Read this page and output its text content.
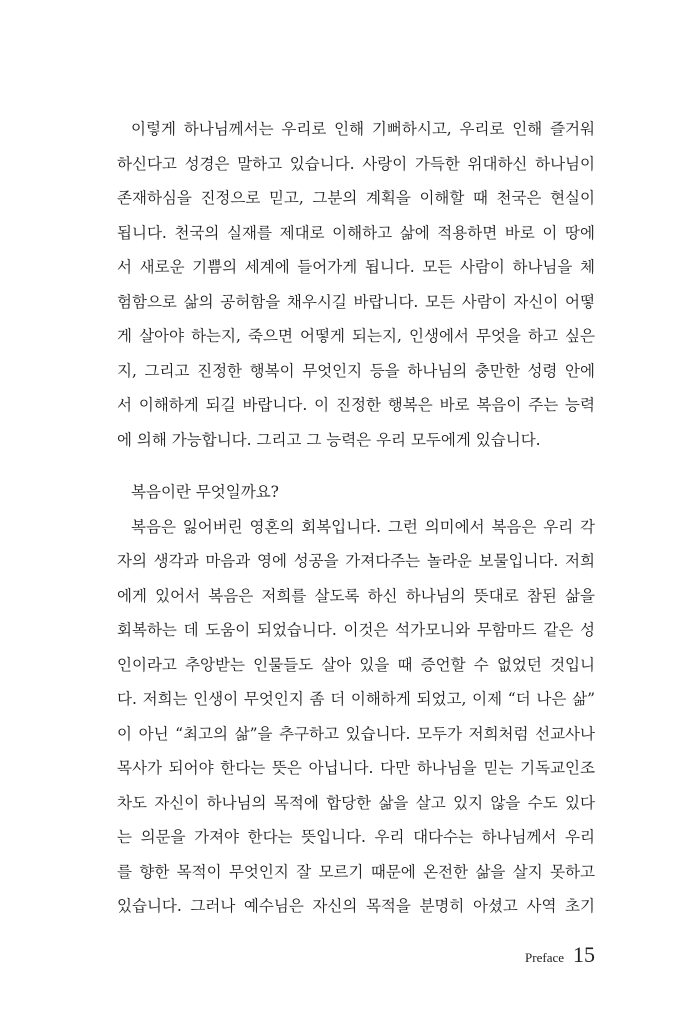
이렇게 하나님께서는 우리로 인해 기뻐하시고, 우리로 인해 즐거워
하신다고 성경은 말하고 있습니다. 사랑이 가득한 위대하신 하나님이
존재하심을 진정으로 믿고, 그분의 계획을 이해할 때 천국은 현실이
됩니다. 천국의 실재를 제대로 이해하고 삶에 적용하면 바로 이 땅에
서 새로운 기쁨의 세계에 들어가게 됩니다. 모든 사람이 하나님을 체
험함으로 삶의 공허함을 채우시길 바랍니다. 모든 사람이 자신이 어떻
게 살아야 하는지, 죽으면 어떻게 되는지, 인생에서 무엇을 하고 싶은
지, 그리고 진정한 행복이 무엇인지 등을 하나님의 충만한 성령 안에
서 이해하게 되길 바랍니다. 이 진정한 행복은 바로 복음이 주는 능력
에 의해 가능합니다. 그리고 그 능력은 우리 모두에게 있습니다.
복음이란 무엇일까요?
복음은 잃어버린 영혼의 회복입니다. 그런 의미에서 복음은 우리 각
자의 생각과 마음과 영에 성공을 가져다주는 놀라운 보물입니다. 저희
에게 있어서 복음은 저희를 살도록 하신 하나님의 뜻대로 참된 삶을
회복하는 데 도움이 되었습니다. 이것은 석가모니와 무함마드 같은 성
인이라고 추앙받는 인물들도 살아 있을 때 증언할 수 없었던 것입니
다. 저희는 인생이 무엇인지 좀 더 이해하게 되었고, 이제 “더 나은 삶”
이 아닌 “최고의 삶”을 추구하고 있습니다. 모두가 저희처럼 선교사나
목사가 되어야 한다는 뜻은 아닙니다. 다만 하나님을 믿는 기독교인조
차도 자신이 하나님의 목적에 합당한 삶을 살고 있지 않을 수도 있다
는 의문을 가져야 한다는 뜻입니다. 우리 대다수는 하나님께서 우리
를 향한 목적이 무엇인지 잘 모르기 때문에 온전한 삶을 살지 못하고
있습니다. 그러나 예수님은 자신의 목적을 분명히 아셨고 사역 초기
Preface 15
